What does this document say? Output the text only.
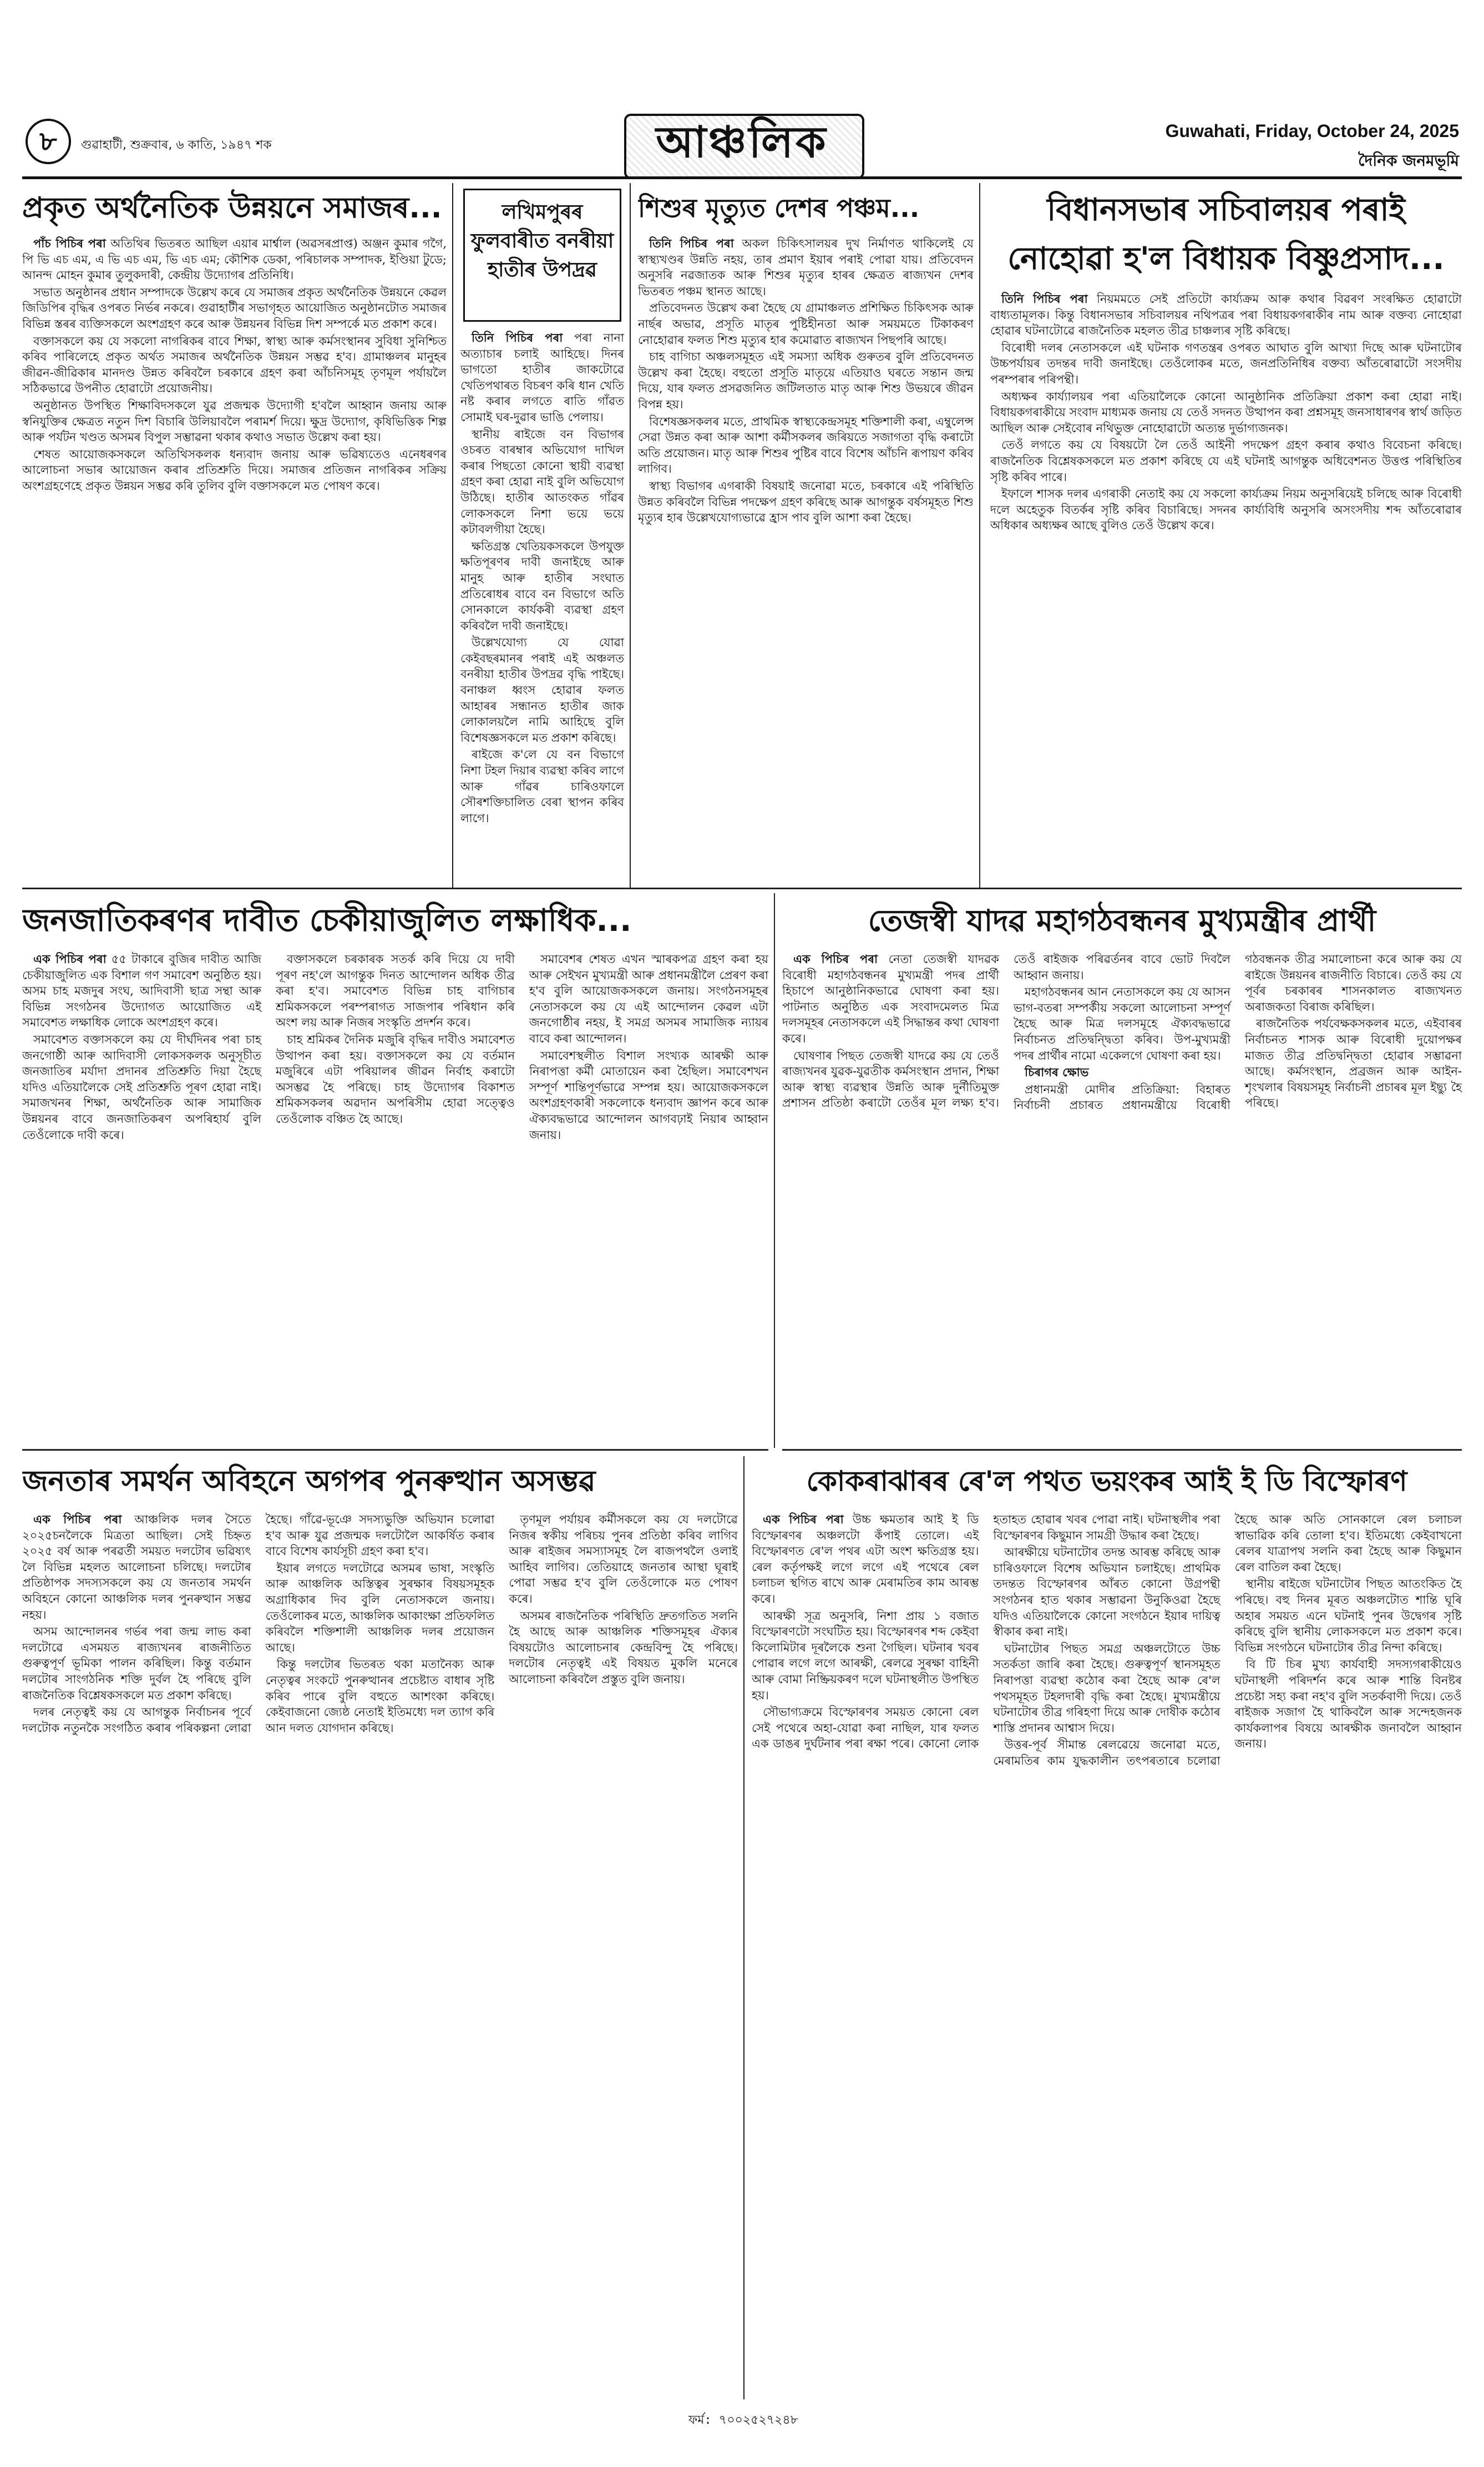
৮	গুৱাহাটী, শুক্ৰবাৰ, ৬ কাতি, ১৯৪৭ শক	আঞ্চলিক	Guwahati, Friday, October 24, 2025
দৈনিক জনমভূমি
প্ৰকৃত অৰ্থনৈতিক উন্নয়নে সমাজৰ...

পাঁচ পিচিৰ পৰা অতিথিৰ ভিতৰত আছিল এয়াৰ মাৰ্শ্বাল (অৱসৰপ্ৰাপ্ত) অঞ্জন কুমাৰ গগৈ, পি ভি এচ এম, এ ভি এচ এম, ভি এচ এম; কৌশিক ডেকা, পৰিচালক সম্পাদক, ইণ্ডিয়া টুডে; আনন্দ মোহন কুমাৰ তুলুকদাৰী, কেন্দ্ৰীয় উদ্যোগৰ প্ৰতিনিধি।

সভাত অনুষ্ঠানৰ প্ৰধান সম্পাদকে উল্লেখ কৰে যে সমাজৰ প্ৰকৃত অৰ্থনৈতিক উন্নয়নে কেৱল জিডিপিৰ বৃদ্ধিৰ ওপৰত নিৰ্ভৰ নকৰে। গুৱাহাটীৰ সভাগৃহত আয়োজিত অনুষ্ঠানটোত সমাজৰ বিভিন্ন স্তৰৰ ব্যক্তিসকলে অংশগ্ৰহণ কৰে আৰু উন্নয়নৰ বিভিন্ন দিশ সম্পৰ্কে মত প্ৰকাশ কৰে।

বক্তাসকলে কয় যে সকলো নাগৰিকৰ বাবে শিক্ষা, স্বাস্থ্য আৰু কৰ্মসংস্থানৰ সুবিধা সুনিশ্চিত কৰিব পাৰিলেহে প্ৰকৃত অৰ্থত সমাজৰ অৰ্থনৈতিক উন্নয়ন সম্ভৱ হ'ব। গ্ৰামাঞ্চলৰ মানুহৰ জীৱন-জীৱিকাৰ মানদণ্ড উন্নত কৰিবলৈ চৰকাৰে গ্ৰহণ কৰা আঁচনিসমূহ তৃণমূল পৰ্যায়লৈ সঠিকভাৱে উপনীত হোৱাটো প্ৰয়োজনীয়।

অনুষ্ঠানত উপস্থিত শিক্ষাবিদসকলে যুৱ প্ৰজন্মক উদ্যোগী হ'বলৈ আহ্বান জনায় আৰু স্বনিযুক্তিৰ ক্ষেত্ৰত নতুন দিশ বিচাৰি উলিয়াবলৈ পৰামৰ্শ দিয়ে। ক্ষুদ্ৰ উদ্যোগ, কৃষিভিত্তিক শিল্প আৰু পৰ্যটন খণ্ডত অসমৰ বিপুল সম্ভাৱনা থকাৰ কথাও সভাত উল্লেখ কৰা হয়।

শেষত আয়োজকসকলে অতিথিসকলক ধন্যবাদ জনায় আৰু ভৱিষ্যতেও এনেধৰণৰ আলোচনা সভাৰ আয়োজন কৰাৰ প্ৰতিশ্ৰুতি দিয়ে। সমাজৰ প্ৰতিজন নাগৰিকৰ সক্ৰিয় অংশগ্ৰহণেহে প্ৰকৃত উন্নয়ন সম্ভৱ কৰি তুলিব বুলি বক্তাসকলে মত পোষণ কৰে।

লখিমপুৰৰ ফুলবাৰীত বনৰীয়া হাতীৰ উপদ্ৰৱ

তিনি পিচিৰ পৰা পৰা নানা অত্যাচাৰ চলাই আহিছে। দিনৰ ভাগতো হাতীৰ জাকটোৱে খেতিপথাৰত বিচৰণ কৰি ধান খেতি নষ্ট কৰাৰ লগতে ৰাতি গাঁৱত সোমাই ঘৰ-দুৱাৰ ভাঙি পেলায়।

স্থানীয় ৰাইজে বন বিভাগৰ ওচৰত বাৰম্বাৰ অভিযোগ দাখিল কৰাৰ পিছতো কোনো স্থায়ী ব্যৱস্থা গ্ৰহণ কৰা হোৱা নাই বুলি অভিযোগ উঠিছে। হাতীৰ আতংকত গাঁৱৰ লোকসকলে নিশা ভয়ে ভয়ে কটাবলগীয়া হৈছে।

ক্ষতিগ্ৰস্ত খেতিয়কসকলে উপযুক্ত ক্ষতিপূৰণৰ দাবী জনাইছে আৰু মানুহ আৰু হাতীৰ সংঘাত প্ৰতিৰোধৰ বাবে বন বিভাগে অতি সোনকালে কাৰ্যকৰী ব্যৱস্থা গ্ৰহণ কৰিবলৈ দাবী জনাইছে।

উল্লেখযোগ্য যে যোৱা কেইবছৰমানৰ পৰাই এই অঞ্চলত বনৰীয়া হাতীৰ উপদ্ৰৱ বৃদ্ধি পাইছে। বনাঞ্চল ধ্বংস হোৱাৰ ফলত আহাৰৰ সন্ধানত হাতীৰ জাক লোকালয়লৈ নামি আহিছে বুলি বিশেষজ্ঞসকলে মত প্ৰকাশ কৰিছে।

ৰাইজে ক'লে যে বন বিভাগে নিশা টহল দিয়াৰ ব্যৱস্থা কৰিব লাগে আৰু গাঁৱৰ চাৰিওফালে সৌৰশক্তিচালিত বেৰা স্থাপন কৰিব লাগে।

শিশুৰ মৃত্যুত দেশৰ পঞ্চম...

তিনি পিচিৰ পৰা অকল চিকিৎসালয়ৰ দুখ নিৰ্মাণত থাকিলেই যে স্বাস্থ্যখণ্ডৰ উন্নতি নহয়, তাৰ প্ৰমাণ ইয়াৰ পৰাই পোৱা যায়। প্ৰতিবেদন অনুসৰি নৱজাতক আৰু শিশুৰ মৃত্যুৰ হাৰৰ ক্ষেত্ৰত ৰাজ্যখন দেশৰ ভিতৰত পঞ্চম স্থানত আছে।

প্ৰতিবেদনত উল্লেখ কৰা হৈছে যে গ্ৰামাঞ্চলত প্ৰশিক্ষিত চিকিৎসক আৰু নাৰ্ছৰ অভাৱ, প্ৰসূতি মাতৃৰ পুষ্টিহীনতা আৰু সময়মতে টিকাকৰণ নোহোৱাৰ ফলত শিশু মৃত্যুৰ হাৰ কমোৱাত ৰাজ্যখন পিছপৰি আছে।

চাহ বাগিচা অঞ্চলসমূহত এই সমস্যা অধিক গুৰুতৰ বুলি প্ৰতিবেদনত উল্লেখ কৰা হৈছে। বহুতো প্ৰসূতি মাতৃয়ে এতিয়াও ঘৰতে সন্তান জন্ম দিয়ে, যাৰ ফলত প্ৰসৱজনিত জটিলতাত মাতৃ আৰু শিশু উভয়ৰে জীৱন বিপন্ন হয়।

বিশেষজ্ঞসকলৰ মতে, প্ৰাথমিক স্বাস্থ্যকেন্দ্ৰসমূহ শক্তিশালী কৰা, এম্বুলেন্স সেৱা উন্নত কৰা আৰু আশা কৰ্মীসকলৰ জৰিয়তে সজাগতা বৃদ্ধি কৰাটো অতি প্ৰয়োজন। মাতৃ আৰু শিশুৰ পুষ্টিৰ বাবে বিশেষ আঁচনি ৰূপায়ণ কৰিব লাগিব।

স্বাস্থ্য বিভাগৰ এগৰাকী বিষয়াই জনোৱা মতে, চৰকাৰে এই পৰিস্থিতি উন্নত কৰিবলৈ বিভিন্ন পদক্ষেপ গ্ৰহণ কৰিছে আৰু আগন্তুক বৰ্ষসমূহত শিশু মৃত্যুৰ হাৰ উল্লেখযোগ্যভাৱে হ্ৰাস পাব বুলি আশা কৰা হৈছে।

বিধানসভাৰ সচিবালয়ৰ পৰাই নোহোৱা হ'ল বিধায়ক বিষ্ণুপ্ৰসাদ...

তিনি পিচিৰ পৰা নিয়মমতে সেই প্ৰতিটো কাৰ্য্যক্ৰম আৰু কথাৰ বিৱৰণ সংৰক্ষিত হোৱাটো বাধ্যতামূলক। কিন্তু বিধানসভাৰ সচিবালয়ৰ নথিপত্ৰৰ পৰা বিধায়কগৰাকীৰ নাম আৰু বক্তব্য নোহোৱা হোৱাৰ ঘটনাটোৱে ৰাজনৈতিক মহলত তীব্ৰ চাঞ্চল্যৰ সৃষ্টি কৰিছে।

বিৰোধী দলৰ নেতাসকলে এই ঘটনাক গণতন্ত্ৰৰ ওপৰত আঘাত বুলি আখ্যা দিছে আৰু ঘটনাটোৰ উচ্চপৰ্যায়ৰ তদন্তৰ দাবী জনাইছে। তেওঁলোকৰ মতে, জনপ্ৰতিনিধিৰ বক্তব্য আঁতৰোৱাটো সংসদীয় পৰম্পৰাৰ পৰিপন্থী।

অধ্যক্ষৰ কাৰ্য্যালয়ৰ পৰা এতিয়ালৈকে কোনো আনুষ্ঠানিক প্ৰতিক্ৰিয়া প্ৰকাশ কৰা হোৱা নাই। বিধায়কগৰাকীয়ে সংবাদ মাধ্যমক জনায় যে তেওঁ সদনত উত্থাপন কৰা প্ৰশ্নসমূহ জনসাধাৰণৰ স্বাৰ্থ জড়িত আছিল আৰু সেইবোৰ নথিভুক্ত নোহোৱাটো অত্যন্ত দুৰ্ভাগ্যজনক।

তেওঁ লগতে কয় যে বিষয়টো লৈ তেওঁ আইনী পদক্ষেপ গ্ৰহণ কৰাৰ কথাও বিবেচনা কৰিছে। ৰাজনৈতিক বিশ্লেষকসকলে মত প্ৰকাশ কৰিছে যে এই ঘটনাই আগন্তুক অধিবেশনত উত্তপ্ত পৰিস্থিতিৰ সৃষ্টি কৰিব পাৰে।

ইফালে শাসক দলৰ এগৰাকী নেতাই কয় যে সকলো কাৰ্য্যক্ৰম নিয়ম অনুসৰিয়েই চলিছে আৰু বিৰোধী দলে অহেতুক বিতৰ্কৰ সৃষ্টি কৰিব বিচাৰিছে। সদনৰ কাৰ্য্যবিধি অনুসৰি অসংসদীয় শব্দ আঁতৰোৱাৰ অধিকাৰ অধ্যক্ষৰ আছে বুলিও তেওঁ উল্লেখ কৰে।

জনজাতিকৰণৰ দাবীত চেকীয়াজুলিত লক্ষাধিক...

এক পিচিৰ পৰা ৫৫ টাকাৰে বুজিৰ দাবীত আজি চেকীয়াজুলিত এক বিশাল গণ সমাবেশ অনুষ্ঠিত হয়। অসম চাহ মজদুৰ সংঘ, আদিবাসী ছাত্ৰ সন্থা আৰু বিভিন্ন সংগঠনৰ উদ্যোগত আয়োজিত এই সমাবেশত লক্ষাধিক লোকে অংশগ্ৰহণ কৰে।

সমাবেশত বক্তাসকলে কয় যে দীৰ্ঘদিনৰ পৰা চাহ জনগোষ্ঠী আৰু আদিবাসী লোকসকলক অনুসূচীত জনজাতিৰ মৰ্যাদা প্ৰদানৰ প্ৰতিশ্ৰুতি দিয়া হৈছে যদিও এতিয়ালৈকে সেই প্ৰতিশ্ৰুতি পূৰণ হোৱা নাই। সমাজখনৰ শিক্ষা, অৰ্থনৈতিক আৰু সামাজিক উন্নয়নৰ বাবে জনজাতিকৰণ অপৰিহাৰ্য বুলি তেওঁলোকে দাবী কৰে।

বক্তাসকলে চৰকাৰক সতৰ্ক কৰি দিয়ে যে দাবী পূৰণ নহ'লে আগন্তুক দিনত আন্দোলন অধিক তীব্ৰ কৰা হ'ব। সমাবেশত বিভিন্ন চাহ বাগিচাৰ শ্ৰমিকসকলে পৰম্পৰাগত সাজপাৰ পৰিধান কৰি অংশ লয় আৰু নিজৰ সংস্কৃতি প্ৰদৰ্শন কৰে।

চাহ শ্ৰমিকৰ দৈনিক মজুৰি বৃদ্ধিৰ দাবীও সমাবেশত উত্থাপন কৰা হয়। বক্তাসকলে কয় যে বৰ্তমান মজুৰিৰে এটা পৰিয়ালৰ জীৱন নিৰ্বাহ কৰাটো অসম্ভৱ হৈ পৰিছে। চাহ উদ্যোগৰ বিকাশত শ্ৰমিকসকলৰ অৱদান অপৰিসীম হোৱা সত্ত্বেও তেওঁলোক বঞ্চিত হৈ আছে।

সমাবেশৰ শেষত এখন স্মাৰকপত্ৰ গ্ৰহণ কৰা হয় আৰু সেইখন মুখ্যমন্ত্ৰী আৰু প্ৰধানমন্ত্ৰীলৈ প্ৰেৰণ কৰা হ'ব বুলি আয়োজকসকলে জনায়। সংগঠনসমূহৰ নেতাসকলে কয় যে এই আন্দোলন কেৱল এটা জনগোষ্ঠীৰ নহয়, ই সমগ্ৰ অসমৰ সামাজিক ন্যায়ৰ বাবে কৰা আন্দোলন।

সমাবেশস্থলীত বিশাল সংখ্যক আৰক্ষী আৰু নিৰাপত্তা কৰ্মী মোতায়েন কৰা হৈছিল। সমাবেশখন সম্পূৰ্ণ শান্তিপূৰ্ণভাৱে সম্পন্ন হয়। আয়োজকসকলে অংশগ্ৰহণকাৰী সকলোকে ধন্যবাদ জ্ঞাপন কৰে আৰু ঐক্যবদ্ধভাৱে আন্দোলন আগবঢ়াই নিয়াৰ আহ্বান জনায়।

তেজস্বী যাদৱ মহাগঠবন্ধনৰ মুখ্যমন্ত্ৰীৰ প্ৰাৰ্থী

এক পিচিৰ পৰা নেতা তেজস্বী যাদৱক বিৰোধী মহাগঠবন্ধনৰ মুখ্যমন্ত্ৰী পদৰ প্ৰাৰ্থী হিচাপে আনুষ্ঠানিকভাৱে ঘোষণা কৰা হয়। পাটনাত অনুষ্ঠিত এক সংবাদমেলত মিত্ৰ দলসমূহৰ নেতাসকলে এই সিদ্ধান্তৰ কথা ঘোষণা কৰে।

ঘোষণাৰ পিছত তেজস্বী যাদৱে কয় যে তেওঁ ৰাজ্যখনৰ যুৱক-যুৱতীক কৰ্মসংস্থান প্ৰদান, শিক্ষা আৰু স্বাস্থ্য ব্যৱস্থাৰ উন্নতি আৰু দুৰ্নীতিমুক্ত প্ৰশাসন প্ৰতিষ্ঠা কৰাটো তেওঁৰ মূল লক্ষ্য হ'ব। তেওঁ ৰাইজক পৰিৱৰ্তনৰ বাবে ভোট দিবলৈ আহ্বান জনায়।

মহাগঠবন্ধনৰ আন নেতাসকলে কয় যে আসন ভাগ-বতৰা সম্পৰ্কীয় সকলো আলোচনা সম্পূৰ্ণ হৈছে আৰু মিত্ৰ দলসমূহে ঐক্যবদ্ধভাৱে নিৰ্বাচনত প্ৰতিদ্বন্দ্বিতা কৰিব। উপ-মুখ্যমন্ত্ৰী পদৰ প্ৰাৰ্থীৰ নামো একেলগে ঘোষণা কৰা হয়।

চিৰাগৰ ক্ষোভ

প্ৰধানমন্ত্ৰী মোদীৰ প্ৰতিক্ৰিয়া: বিহাৰত নিৰ্বাচনী প্ৰচাৰত প্ৰধানমন্ত্ৰীয়ে বিৰোধী গঠবন্ধনক তীব্ৰ সমালোচনা কৰে আৰু কয় যে ৰাইজে উন্নয়নৰ ৰাজনীতি বিচাৰে। তেওঁ কয় যে পূৰ্বৰ চৰকাৰৰ শাসনকালত ৰাজ্যখনত অৰাজকতা বিৰাজ কৰিছিল।

ৰাজনৈতিক পৰ্যবেক্ষকসকলৰ মতে, এইবাৰৰ নিৰ্বাচনত শাসক আৰু বিৰোধী দুয়োপক্ষৰ মাজত তীব্ৰ প্ৰতিদ্বন্দ্বিতা হোৱাৰ সম্ভাৱনা আছে। কৰ্মসংস্থান, প্ৰব্ৰজন আৰু আইন-শৃংখলাৰ বিষয়সমূহ নিৰ্বাচনী প্ৰচাৰৰ মূল ইছ্যু হৈ পৰিছে।

জনতাৰ সমৰ্থন অবিহনে অগপৰ পুনৰুত্থান অসম্ভৱ

এক পিচিৰ পৰা আঞ্চলিক দলৰ সৈতে ২০২৫চনলৈকে মিত্ৰতা আছিল। সেই চিহ্নত ২০২৫ বৰ্ষ আৰু পৰৱৰ্তী সময়ত দলটোৰ ভৱিষ্যৎ লৈ বিভিন্ন মহলত আলোচনা চলিছে। দলটোৰ প্ৰতিষ্ঠাপক সদস্যসকলে কয় যে জনতাৰ সমৰ্থন অবিহনে কোনো আঞ্চলিক দলৰ পুনৰুত্থান সম্ভৱ নহয়।

অসম আন্দোলনৰ গৰ্ভৰ পৰা জন্ম লাভ কৰা দলটোৱে এসময়ত ৰাজ্যখনৰ ৰাজনীতিত গুৰুত্বপূৰ্ণ ভূমিকা পালন কৰিছিল। কিন্তু বৰ্তমান দলটোৰ সাংগঠনিক শক্তি দুৰ্বল হৈ পৰিছে বুলি ৰাজনৈতিক বিশ্লেষকসকলে মত প্ৰকাশ কৰিছে।

দলৰ নেতৃত্বই কয় যে আগন্তুক নিৰ্বাচনৰ পূৰ্বে দলটোক নতুনকৈ সংগঠিত কৰাৰ পৰিকল্পনা লোৱা হৈছে। গাঁৱে-ভূঞে সদস্যভুক্তি অভিযান চলোৱা হ'ব আৰু যুৱ প্ৰজন্মক দলটোলৈ আকৰ্ষিত কৰাৰ বাবে বিশেষ কাৰ্যসূচী গ্ৰহণ কৰা হ'ব।

ইয়াৰ লগতে দলটোৱে অসমৰ ভাষা, সংস্কৃতি আৰু আঞ্চলিক অস্তিত্বৰ সুৰক্ষাৰ বিষয়সমূহক অগ্ৰাধিকাৰ দিব বুলি নেতাসকলে জনায়। তেওঁলোকৰ মতে, আঞ্চলিক আকাংক্ষা প্ৰতিফলিত কৰিবলৈ শক্তিশালী আঞ্চলিক দলৰ প্ৰয়োজন আছে।

কিন্তু দলটোৰ ভিতৰত থকা মতানৈক্য আৰু নেতৃত্বৰ সংকটে পুনৰুত্থানৰ প্ৰচেষ্টাত বাধাৰ সৃষ্টি কৰিব পাৰে বুলি বহুতে আশংকা কৰিছে। কেইবাজনো জ্যেষ্ঠ নেতাই ইতিমধ্যে দল ত্যাগ কৰি আন দলত যোগদান কৰিছে।

তৃণমূল পৰ্যায়ৰ কৰ্মীসকলে কয় যে দলটোৱে নিজৰ স্বকীয় পৰিচয় পুনৰ প্ৰতিষ্ঠা কৰিব লাগিব আৰু ৰাইজৰ সমস্যাসমূহ লৈ ৰাজপথলৈ ওলাই আহিব লাগিব। তেতিয়াহে জনতাৰ আস্থা ঘূৰাই পোৱা সম্ভৱ হ'ব বুলি তেওঁলোকে মত পোষণ কৰে।

অসমৰ ৰাজনৈতিক পৰিস্থিতি দ্ৰুতগতিত সলনি হৈ আছে আৰু আঞ্চলিক শক্তিসমূহৰ ঐক্যৰ বিষয়টোও আলোচনাৰ কেন্দ্ৰবিন্দু হৈ পৰিছে। দলটোৰ নেতৃত্বই এই বিষয়ত মুকলি মনেৰে আলোচনা কৰিবলৈ প্ৰস্তুত বুলি জনায়।

কোকৰাঝাৰৰ ৰে'ল পথত ভয়ংকৰ আই ই ডি বিস্ফোৰণ

এক পিচিৰ পৰা উচ্চ ক্ষমতাৰ আই ই ডি বিস্ফোৰণৰ অঞ্চলটো কঁপাই তোলে। এই বিস্ফোৰণত ৰে'ল পথৰ এটা অংশ ক্ষতিগ্ৰস্ত হয়। ৰেল কৰ্তৃপক্ষই লগে লগে এই পথেৰে ৰেল চলাচল স্থগিত ৰাখে আৰু মেৰামতিৰ কাম আৰম্ভ কৰে।

আৰক্ষী সূত্ৰ অনুসৰি, নিশা প্ৰায় ১ বজাত বিস্ফোৰণটো সংঘটিত হয়। বিস্ফোৰণৰ শব্দ কেইবা কিলোমিটাৰ দূৰলৈকে শুনা গৈছিল। ঘটনাৰ খবৰ পোৱাৰ লগে লগে আৰক্ষী, ৰেলৱে সুৰক্ষা বাহিনী আৰু বোমা নিষ্ক্ৰিয়কৰণ দলে ঘটনাস্থলীত উপস্থিত হয়।

সৌভাগ্যক্ৰমে বিস্ফোৰণৰ সময়ত কোনো ৰেল সেই পথেৰে অহা-যোৱা কৰা নাছিল, যাৰ ফলত এক ডাঙৰ দুৰ্ঘটনাৰ পৰা ৰক্ষা পৰে। কোনো লোক হতাহত হোৱাৰ খবৰ পোৱা নাই। ঘটনাস্থলীৰ পৰা বিস্ফোৰণৰ কিছুমান সামগ্ৰী উদ্ধাৰ কৰা হৈছে।

আৰক্ষীয়ে ঘটনাটোৰ তদন্ত আৰম্ভ কৰিছে আৰু চাৰিওফালে বিশেষ অভিযান চলাইছে। প্ৰাথমিক তদন্তত বিস্ফোৰণৰ আঁৰত কোনো উগ্ৰপন্থী সংগঠনৰ হাত থকাৰ সম্ভাৱনা উনুকিওৱা হৈছে যদিও এতিয়ালৈকে কোনো সংগঠনে ইয়াৰ দায়িত্ব স্বীকাৰ কৰা নাই।

ঘটনাটোৰ পিছত সমগ্ৰ অঞ্চলটোতে উচ্চ সতৰ্কতা জাৰি কৰা হৈছে। গুৰুত্বপূৰ্ণ স্থানসমূহত নিৰাপত্তা ব্যৱস্থা কঠোৰ কৰা হৈছে আৰু ৰে'ল পথসমূহত টহলদাৰী বৃদ্ধি কৰা হৈছে। মুখ্যমন্ত্ৰীয়ে ঘটনাটোৰ তীব্ৰ গৰিহণা দিয়ে আৰু দোষীক কঠোৰ শাস্তি প্ৰদানৰ আশ্বাস দিয়ে।

উত্তৰ-পূৰ্ব সীমান্ত ৰেলৱেয়ে জনোৱা মতে, মেৰামতিৰ কাম যুদ্ধকালীন তৎপৰতাৰে চলোৱা হৈছে আৰু অতি সোনকালে ৰেল চলাচল স্বাভাৱিক কৰি তোলা হ'ব। ইতিমধ্যে কেইবাখনো ৰেলৰ যাত্ৰাপথ সলনি কৰা হৈছে আৰু কিছুমান ৰেল বাতিল কৰা হৈছে।

স্থানীয় ৰাইজে ঘটনাটোৰ পিছত আতংকিত হৈ পৰিছে। বহু দিনৰ মূৰত অঞ্চলটোত শান্তি ঘূৰি অহাৰ সময়ত এনে ঘটনাই পুনৰ উদ্বেগৰ সৃষ্টি কৰিছে বুলি স্থানীয় লোকসকলে মত প্ৰকাশ কৰে। বিভিন্ন সংগঠনে ঘটনাটোৰ তীব্ৰ নিন্দা কৰিছে।

বি টি চিৰ মুখ্য কাৰ্যবাহী সদস্যগৰাকীয়েও ঘটনাস্থলী পৰিদৰ্শন কৰে আৰু শান্তি বিনষ্টৰ প্ৰচেষ্টা সহ্য কৰা নহ'ব বুলি সতৰ্কবাণী দিয়ে। তেওঁ ৰাইজক সজাগ হৈ থাকিবলৈ আৰু সন্দেহজনক কাৰ্যকলাপৰ বিষয়ে আৰক্ষীক জনাবলৈ আহ্বান জনায়।

ফৰ্ম: ৭০০২৫২৭২৪৮
